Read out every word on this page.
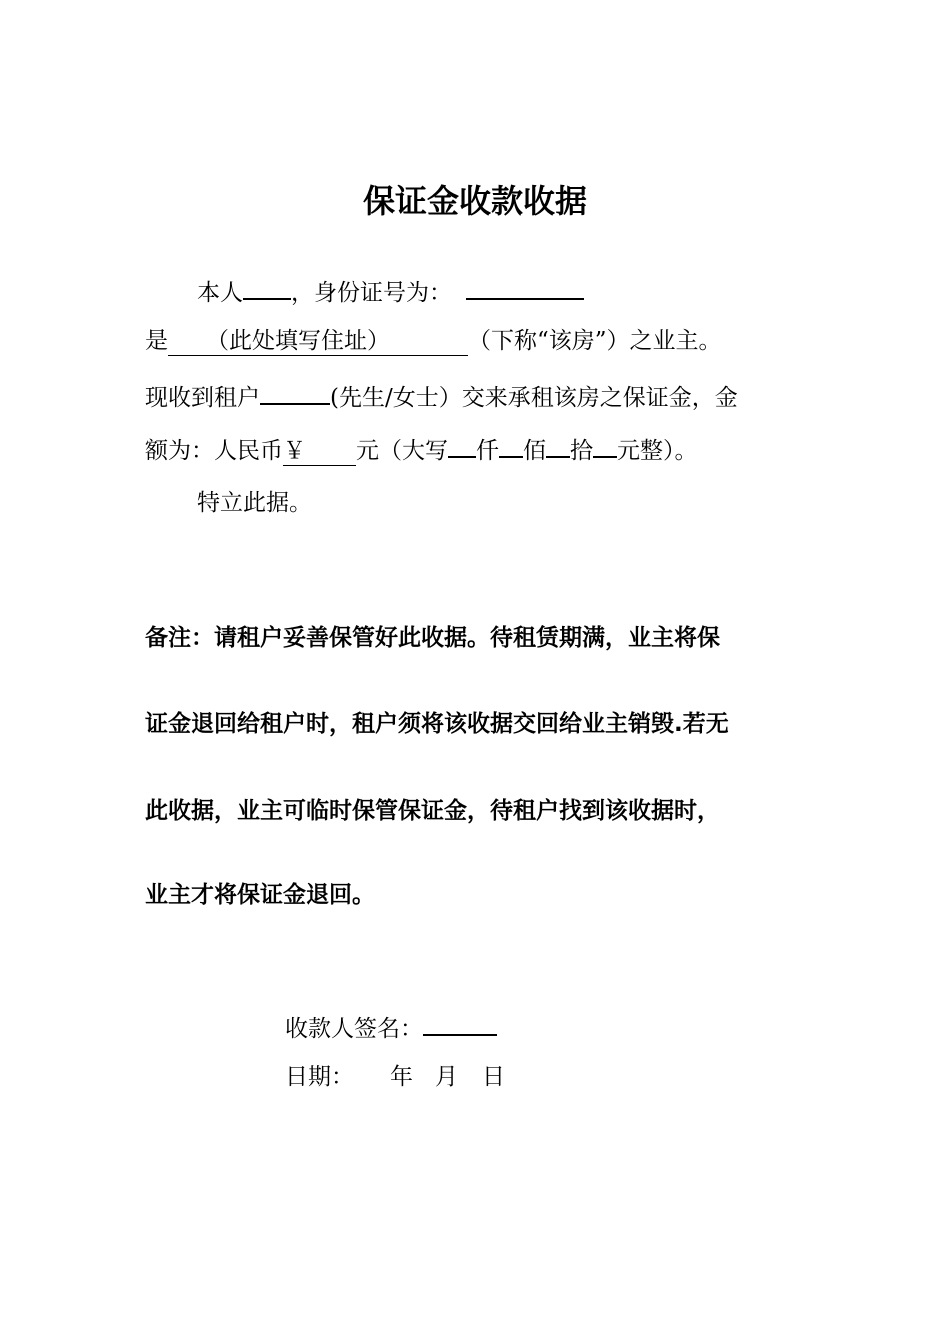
保证金收款收据
本人 ，身份证号为：
是 （此处填写住址）	（下称“该房”）之业主。
现收到租户	(先生/女士）交来承租该房之保证金，金
额为：人民币￥ 元（大写 仟 佰 拾 元整）。
特立此据。
备注：请租户妥善保管好此收据。待租赁期满，业主将保
证金退回给租户时，租户须将该收据交回给业主销毁.若无
此收据，业主可临时保管保证金，待租户找到该收据时，
业主才将保证金退回。
收款人签名：
日期： 年 月 日
